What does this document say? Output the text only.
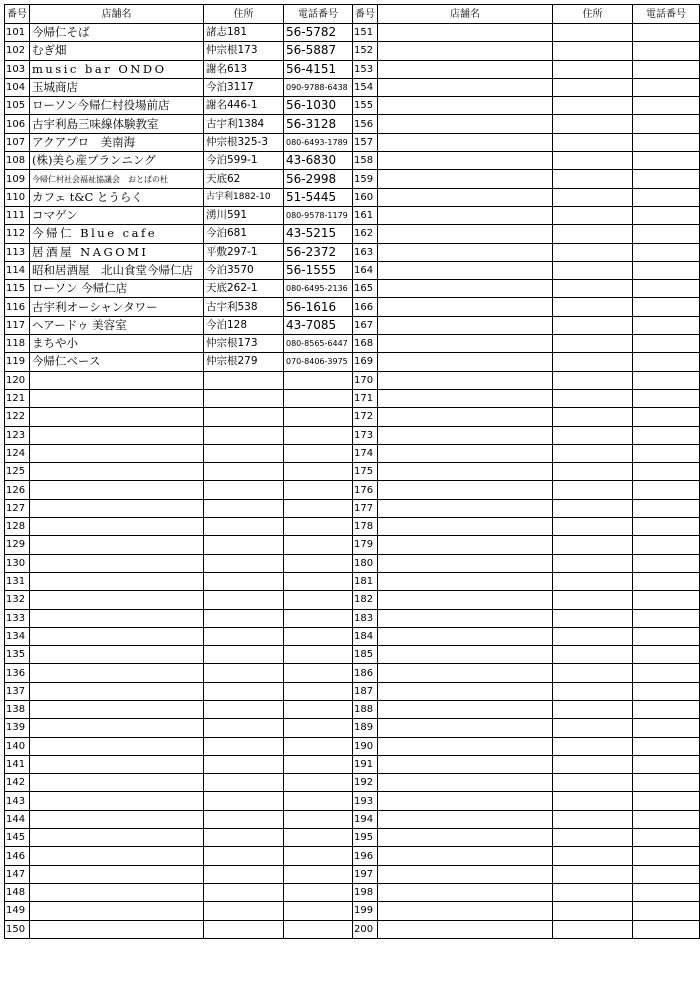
番号	店舗名	住所	電話番号	番号	店舗名	住所	電話番号
101	今帰仁そば	諸志181	56-5782	151			
102	むぎ畑	仲宗根173	56-5887	152			
103	music bar ONDO	謝名613	56-4151	153			
104	玉城商店	今泊3117	090-9788-6438	154			
105	ローソン今帰仁村役場前店	謝名446-1	56-1030	155			
106	古宇利島三味線体験教室	古宇利1384	56-3128	156			
107	アクアプロ　美南海	仲宗根325-3	080-6493-1789	157			
108	(株)美ら産プランニング	今泊599-1	43-6830	158			
109	今帰仁村社会福祉協議会　おとばの杜	天底62	56-2998	159			
110	カフェ t&C とうらく	古宇利1882-10	51-5445	160			
111	コマゲン	湧川591	080-9578-1179	161			
112	今帰仁 Blue cafe	今泊681	43-5215	162			
113	居酒屋 NAGOMI	平敷297-1	56-2372	163			
114	昭和居酒屋　北山食堂今帰仁店	今泊3570	56-1555	164			
115	ローソン 今帰仁店	天底262-1	080-6495-2136	165			
116	古宇利オーシャンタワー	古宇利538	56-1616	166			
117	ヘアードゥ 美容室	今泊128	43-7085	167			
118	まちや小	仲宗根173	080-8565-6447	168			
119	今帰仁ベース	仲宗根279	070-8406-3975	169			
120				170			
121				171			
122				172			
123				173			
124				174			
125				175			
126				176			
127				177			
128				178			
129				179			
130				180			
131				181			
132				182			
133				183			
134				184			
135				185			
136				186			
137				187			
138				188			
139				189			
140				190			
141				191			
142				192			
143				193			
144				194			
145				195			
146				196			
147				197			
148				198			
149				199			
150				200			
